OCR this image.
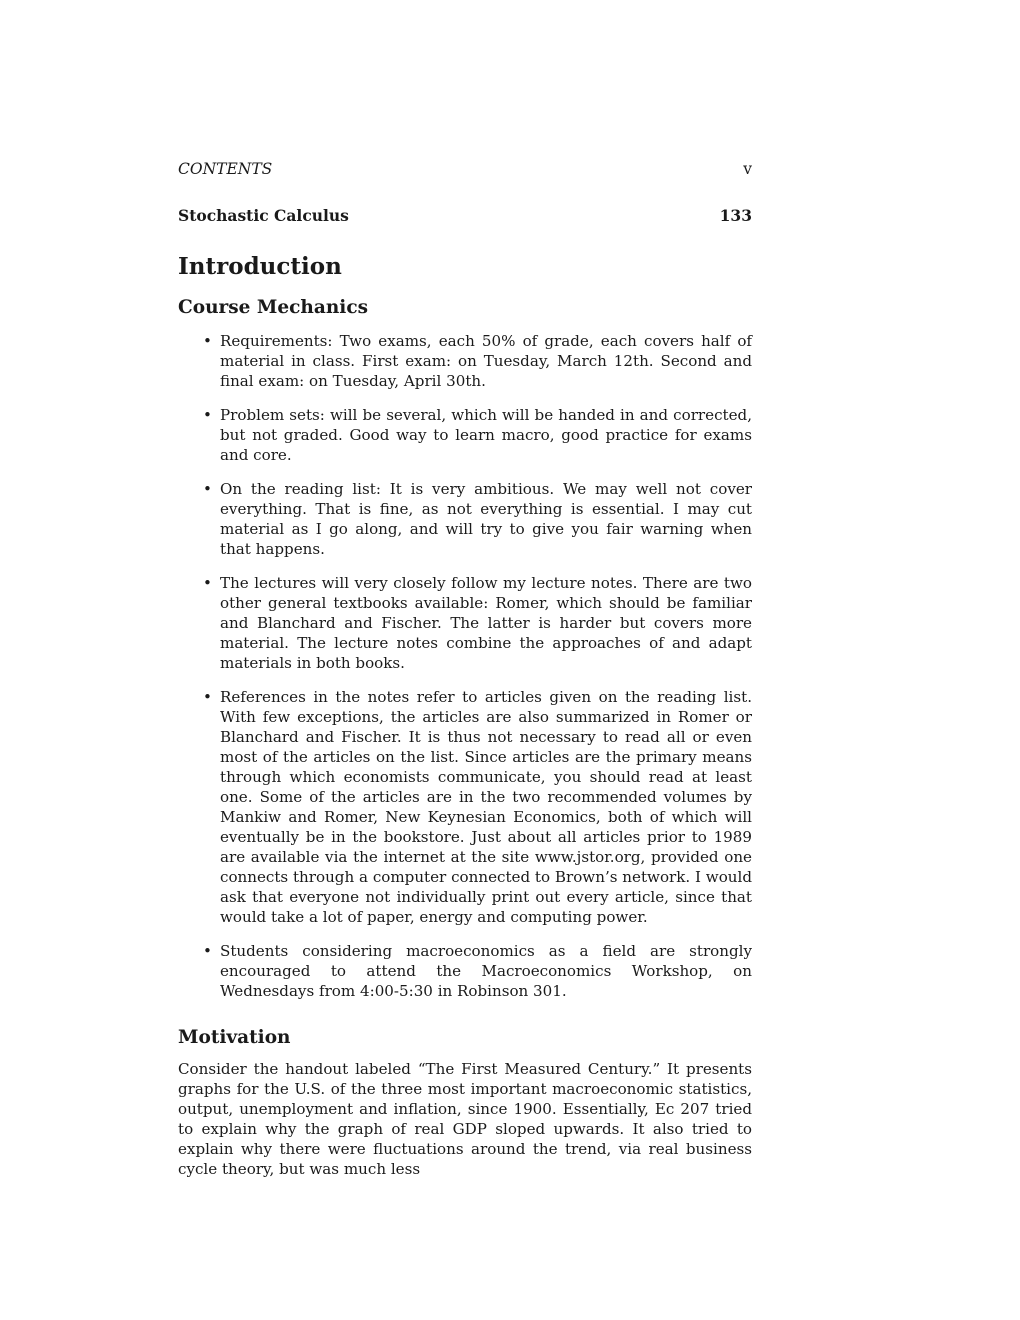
CONTENTS	v
Stochastic Calculus	133
Introduction
Course Mechanics
• Requirements: Two exams, each 50% of grade, each covers half of material in class. First exam: on Tuesday, March 12th. Second and final exam: on Tuesday, April 30th.
• Problem sets: will be several, which will be handed in and corrected, but not graded. Good way to learn macro, good practice for exams and core.
• On the reading list: It is very ambitious. We may well not cover everything. That is fine, as not everything is essential. I may cut material as I go along, and will try to give you fair warning when that happens.
• The lectures will very closely follow my lecture notes. There are two other general textbooks available: Romer, which should be familiar and Blanchard and Fischer. The latter is harder but covers more material. The lecture notes combine the approaches of and adapt materials in both books.
• References in the notes refer to articles given on the reading list. With few exceptions, the articles are also summarized in Romer or Blanchard and Fischer. It is thus not necessary to read all or even most of the articles on the list. Since articles are the primary means through which economists communicate, you should read at least one. Some of the articles are in the two recommended volumes by Mankiw and Romer, New Keynesian Economics, both of which will eventually be in the bookstore. Just about all articles prior to 1989 are available via the internet at the site www.jstor.org, provided one connects through a computer connected to Brown’s network. I would ask that everyone not individually print out every article, since that would take a lot of paper, energy and computing power.
• Students considering macroeconomics as a field are strongly encouraged to attend the Macroeconomics Workshop, on Wednesdays from 4:00-5:30 in Robinson 301.
Motivation

Consider the handout labeled “The First Measured Century.” It presents graphs for the U.S. of the three most important macroeconomic statistics, output, unemployment and inflation, since 1900. Essentially, Ec 207 tried to explain why the graph of real GDP sloped upwards. It also tried to explain why there were fluctuations around the trend, via real business cycle theory, but was much less
